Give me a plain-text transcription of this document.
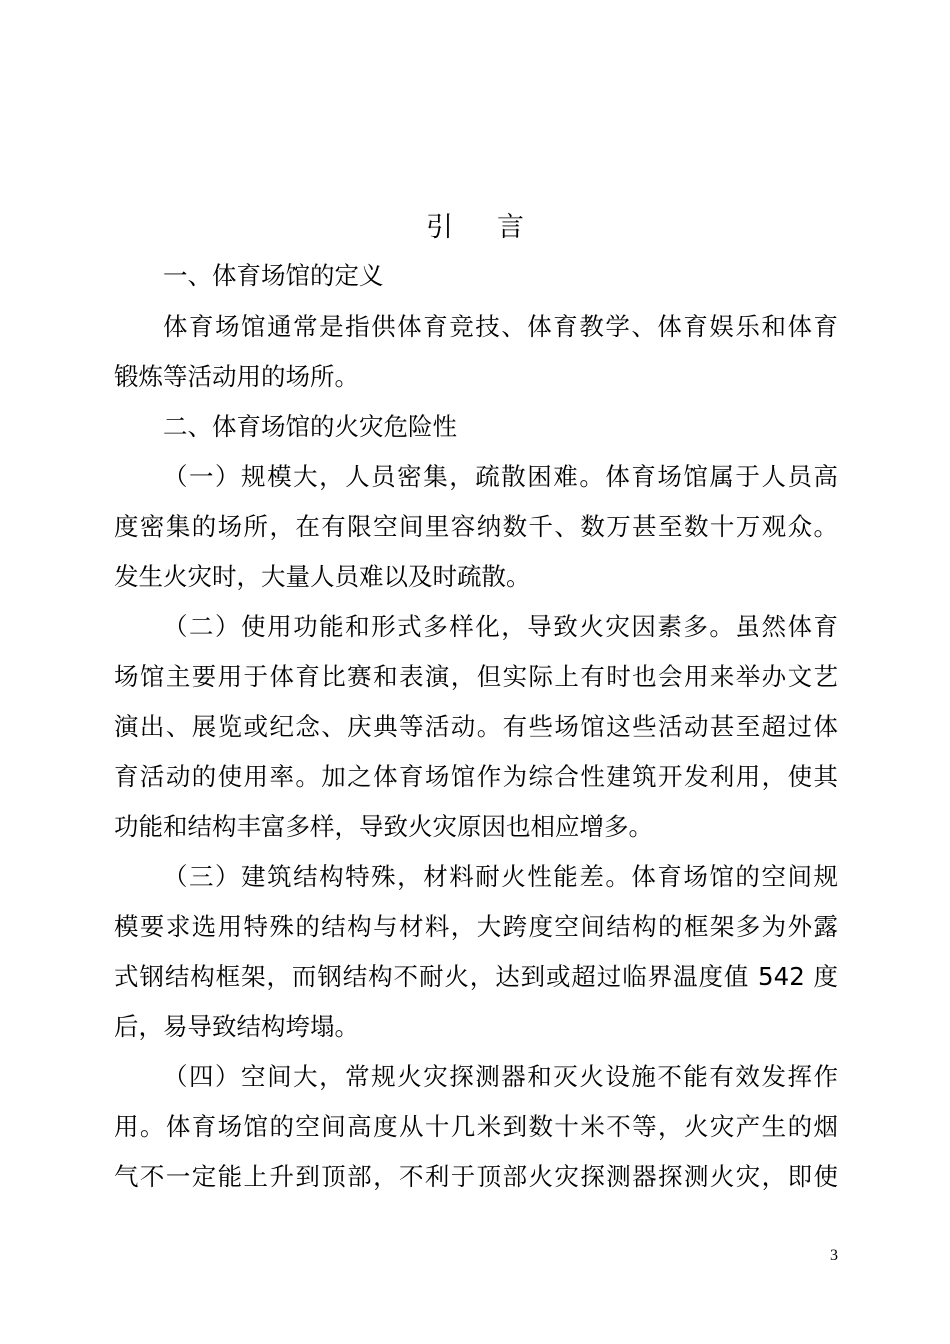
引 言
一、体育场馆的定义
体育场馆通常是指供体育竞技、体育教学、体育娱乐和体育
锻炼等活动用的场所。
二、体育场馆的火灾危险性
（一）规模大，人员密集，疏散困难。体育场馆属于人员高
度密集的场所，在有限空间里容纳数千、数万甚至数十万观众。
发生火灾时，大量人员难以及时疏散。
（二）使用功能和形式多样化，导致火灾因素多。虽然体育
场馆主要用于体育比赛和表演，但实际上有时也会用来举办文艺
演出、展览或纪念、庆典等活动。有些场馆这些活动甚至超过体
育活动的使用率。加之体育场馆作为综合性建筑开发利用，使其
功能和结构丰富多样，导致火灾原因也相应增多。
（三）建筑结构特殊，材料耐火性能差。体育场馆的空间规
模要求选用特殊的结构与材料，大跨度空间结构的框架多为外露
式钢结构框架，而钢结构不耐火，达到或超过临界温度值 542 度
后，易导致结构垮塌。
（四）空间大，常规火灾探测器和灭火设施不能有效发挥作
用。体育场馆的空间高度从十几米到数十米不等，火灾产生的烟
气不一定能上升到顶部，不利于顶部火灾探测器探测火灾，即使
3
